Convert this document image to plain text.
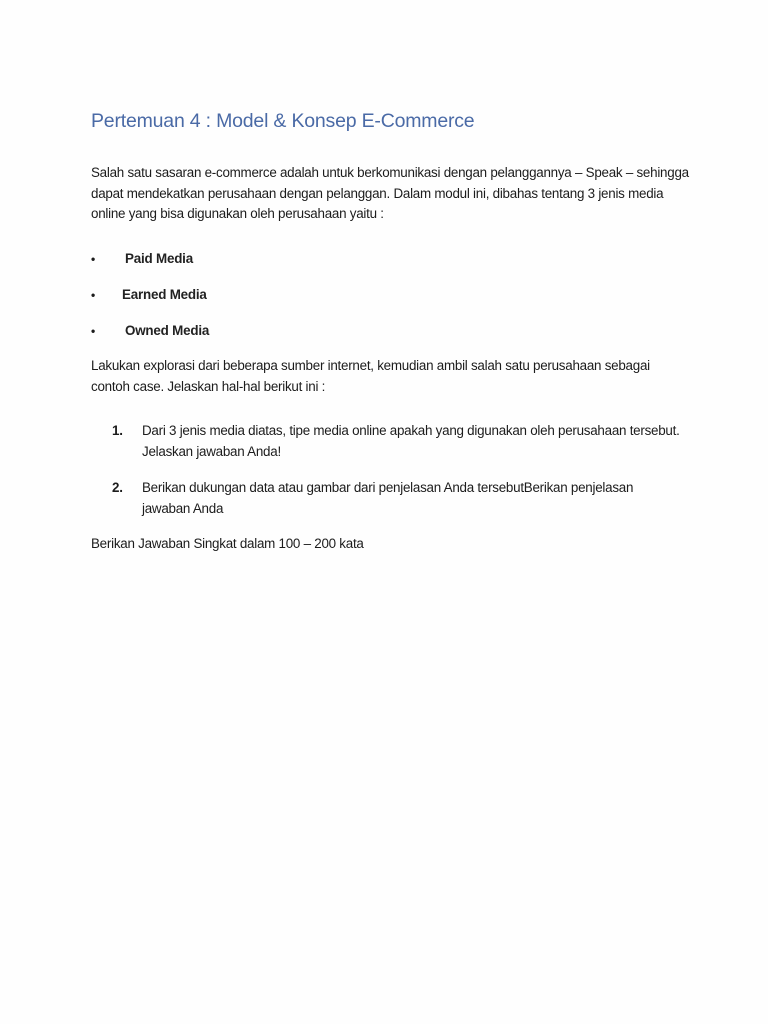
Pertemuan 4 : Model & Konsep E-Commerce

Salah satu sasaran e-commerce adalah untuk berkomunikasi dengan pelanggannya – Speak – sehingga dapat mendekatkan perusahaan dengan pelanggan. Dalam modul ini, dibahas tentang 3 jenis media online yang bisa digunakan oleh perusahaan yaitu :

• Paid Media
• Earned Media
• Owned Media

Lakukan explorasi dari beberapa sumber internet, kemudian ambil salah satu perusahaan sebagai contoh case. Jelaskan hal-hal berikut ini :

1. Dari 3 jenis media diatas, tipe media online apakah yang digunakan oleh perusahaan tersebut. Jelaskan jawaban Anda!
2. Berikan dukungan data atau gambar dari penjelasan Anda tersebutBerikan penjelasan jawaban Anda

Berikan Jawaban Singkat dalam 100 – 200 kata
